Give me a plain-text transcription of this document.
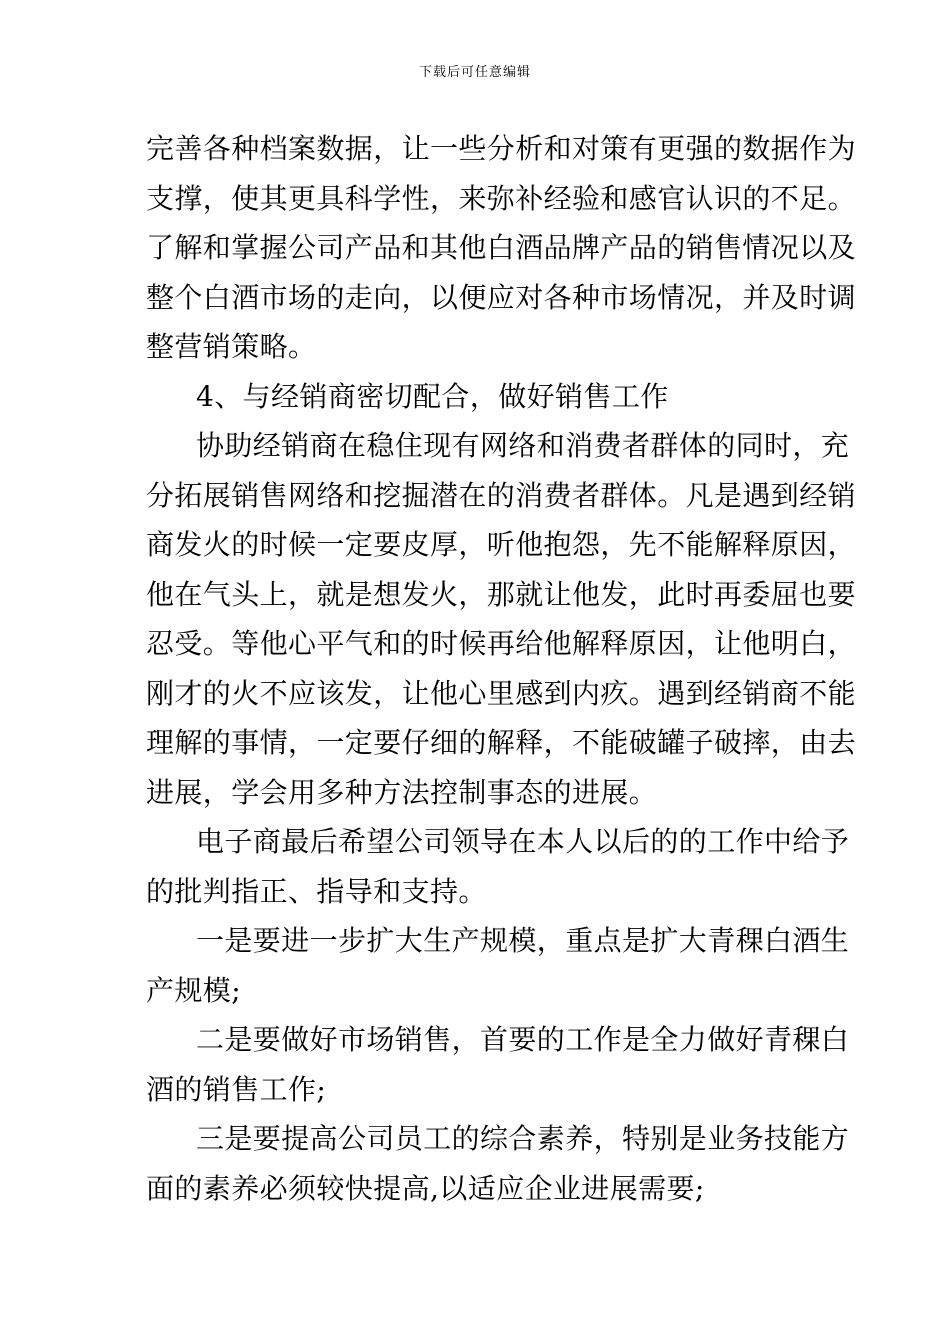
下载后可任意编辑
完善各种档案数据，让一些分析和对策有更强的数据作为
支撑，使其更具科学性，来弥补经验和感官认识的不足。
了解和掌握公司产品和其他白酒品牌产品的销售情况以及
整个白酒市场的走向，以便应对各种市场情况，并及时调
整营销策略。
4、与经销商密切配合，做好销售工作
协助经销商在稳住现有网络和消费者群体的同时，充
分拓展销售网络和挖掘潜在的消费者群体。凡是遇到经销
商发火的时候一定要皮厚，听他抱怨，先不能解释原因，
他在气头上，就是想发火，那就让他发，此时再委屈也要
忍受。等他心平气和的时候再给他解释原因，让他明白，
刚才的火不应该发，让他心里感到内疚。遇到经销商不能
理解的事情，一定要仔细的解释，不能破罐子破摔，由去
进展，学会用多种方法控制事态的进展。
电子商最后希望公司领导在本人以后的的工作中给予
的批判指正、指导和支持。
一是要进一步扩大生产规模，重点是扩大青稞白酒生
产规模;
二是要做好市场销售，首要的工作是全力做好青稞白
酒的销售工作;
三是要提高公司员工的综合素养，特别是业务技能方
面的素养必须较快提高,以适应企业进展需要;
